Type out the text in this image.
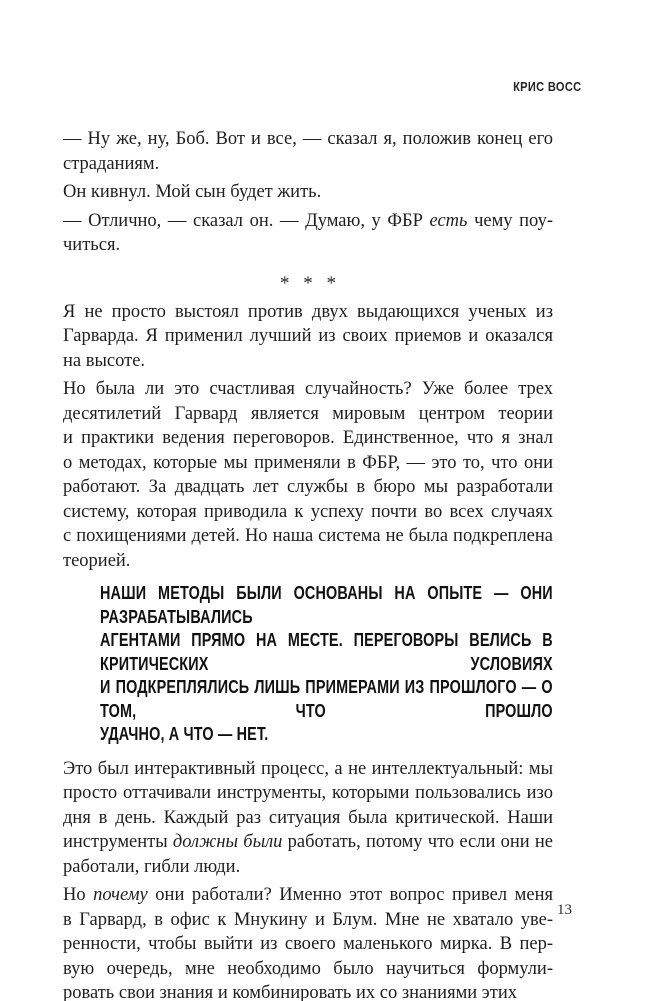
КРИС ВОСС
— Ну же, ну, Боб. Вот и все, — сказал я, положив конец его
страданиям.
Он кивнул. Мой сын будет жить.
— Отлично, — сказал он. — Думаю, у ФБР есть чему поу-
читься.
* * *
Я не просто выстоял против двух выдающихся ученых из
Гарварда. Я применил лучший из своих приемов и оказался
на высоте.
Но была ли это счастливая случайность? Уже более трех
десятилетий Гарвард является мировым центром теории
и практики ведения переговоров. Единственное, что я знал
о методах, которые мы применяли в ФБР, — это то, что они
работают. За двадцать лет службы в бюро мы разработали
систему, которая приводила к успеху почти во всех случаях
с похищениями детей. Но наша система не была подкреплена
теорией.
НАШИ МЕТОДЫ БЫЛИ ОСНОВАНЫ НА ОПЫТЕ — ОНИ РАЗРАБАТЫВАЛИСЬ
АГЕНТАМИ ПРЯМО НА МЕСТЕ. ПЕРЕГОВОРЫ ВЕЛИСЬ В КРИТИЧЕСКИХ УСЛОВИЯХ
И ПОДКРЕПЛЯЛИСЬ ЛИШЬ ПРИМЕРАМИ ИЗ ПРОШЛОГО — О ТОМ, ЧТО ПРОШЛО
УДАЧНО, А ЧТО — НЕТ.
Это был интерактивный процесс, а не интеллектуальный: мы
просто оттачивали инструменты, которыми пользовались изо
дня в день. Каждый раз ситуация была критической. Наши
инструменты должны были работать, потому что если они не
работали, гибли люди.
Но почему они работали? Именно этот вопрос привел меня
в Гарвард, в офис к Мнукину и Блум. Мне не хватало уве-
ренности, чтобы выйти из своего маленького мирка. В пер-
вую очередь, мне необходимо было научиться формули-
ровать свои знания и комбинировать их со знаниями этих
13
